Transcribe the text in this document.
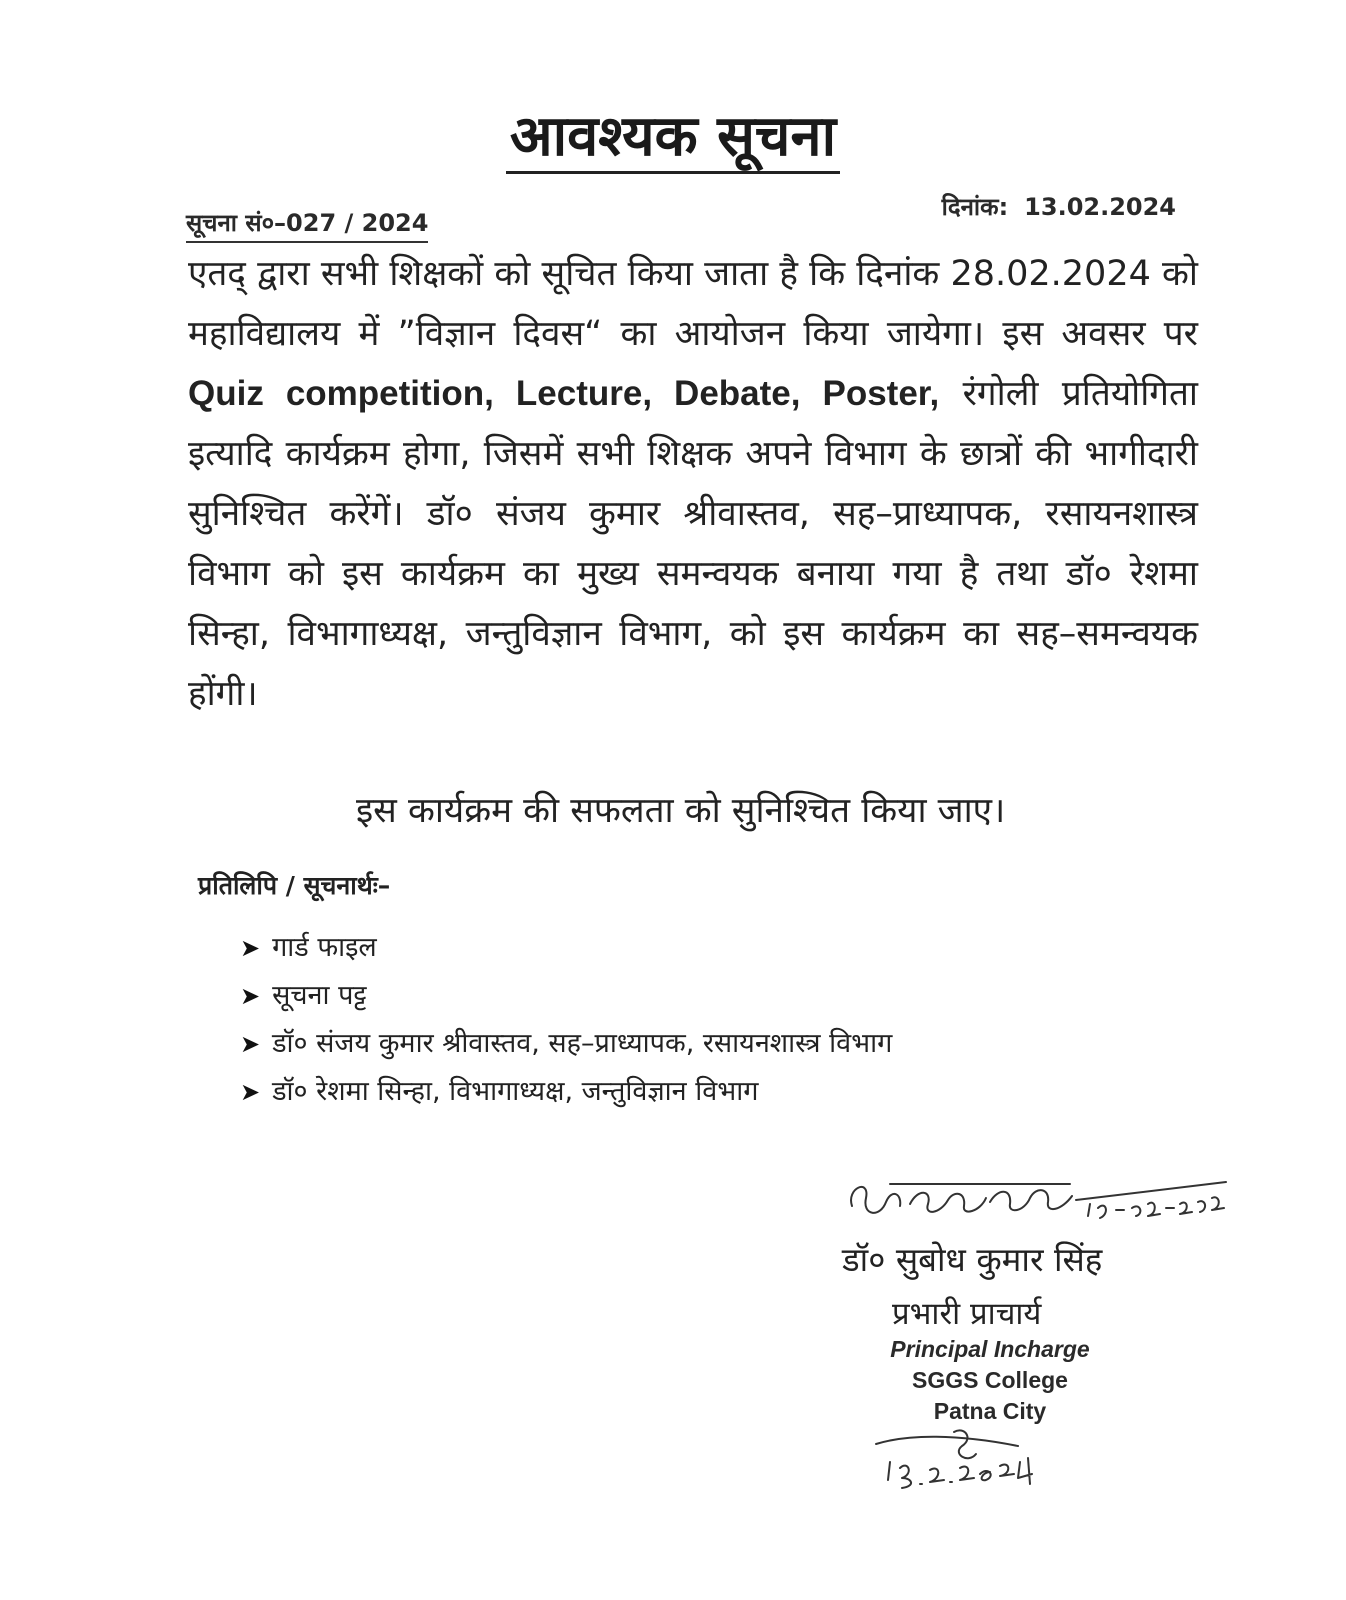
आवश्यक सूचना
सूचना सं०–027 / 2024
दिनांक: 13.02.2024

एतद् द्वारा सभी शिक्षकों को सूचित किया जाता है कि दिनांक 28.02.2024 को महाविद्यालय में ”विज्ञान दिवस“ का आयोजन किया जायेगा। इस अवसर पर Quiz competition, Lecture, Debate, Poster, रंगोली प्रतियोगिता इत्यादि कार्यक्रम होगा, जिसमें सभी शिक्षक अपने विभाग के छात्रों की भागीदारी सुनिश्चित करेंगें। डॉ० संजय कुमार श्रीवास्तव, सह–प्राध्यापक, रसायनशास्त्र विभाग को इस कार्यक्रम का मुख्य समन्वयक बनाया गया है तथा डॉ० रेशमा सिन्हा, विभागाध्यक्ष, जन्तुविज्ञान विभाग, को इस कार्यक्रम का सह–समन्वयक होंगी।

इस कार्यक्रम की सफलता को सुनिश्चित किया जाए।
प्रतिलिपि / सूचनार्थः–
➤ गार्ड फाइल
➤ सूचना पट्ट
➤ डॉ० संजय कुमार श्रीवास्तव, सह–प्राध्यापक, रसायनशास्त्र विभाग
➤ डॉ० रेशमा सिन्हा, विभागाध्यक्ष, जन्तुविज्ञान विभाग
डॉ० सुबोध कुमार सिंह
प्रभारी प्राचार्य
Principal Incharge
SGGS College
Patna City
